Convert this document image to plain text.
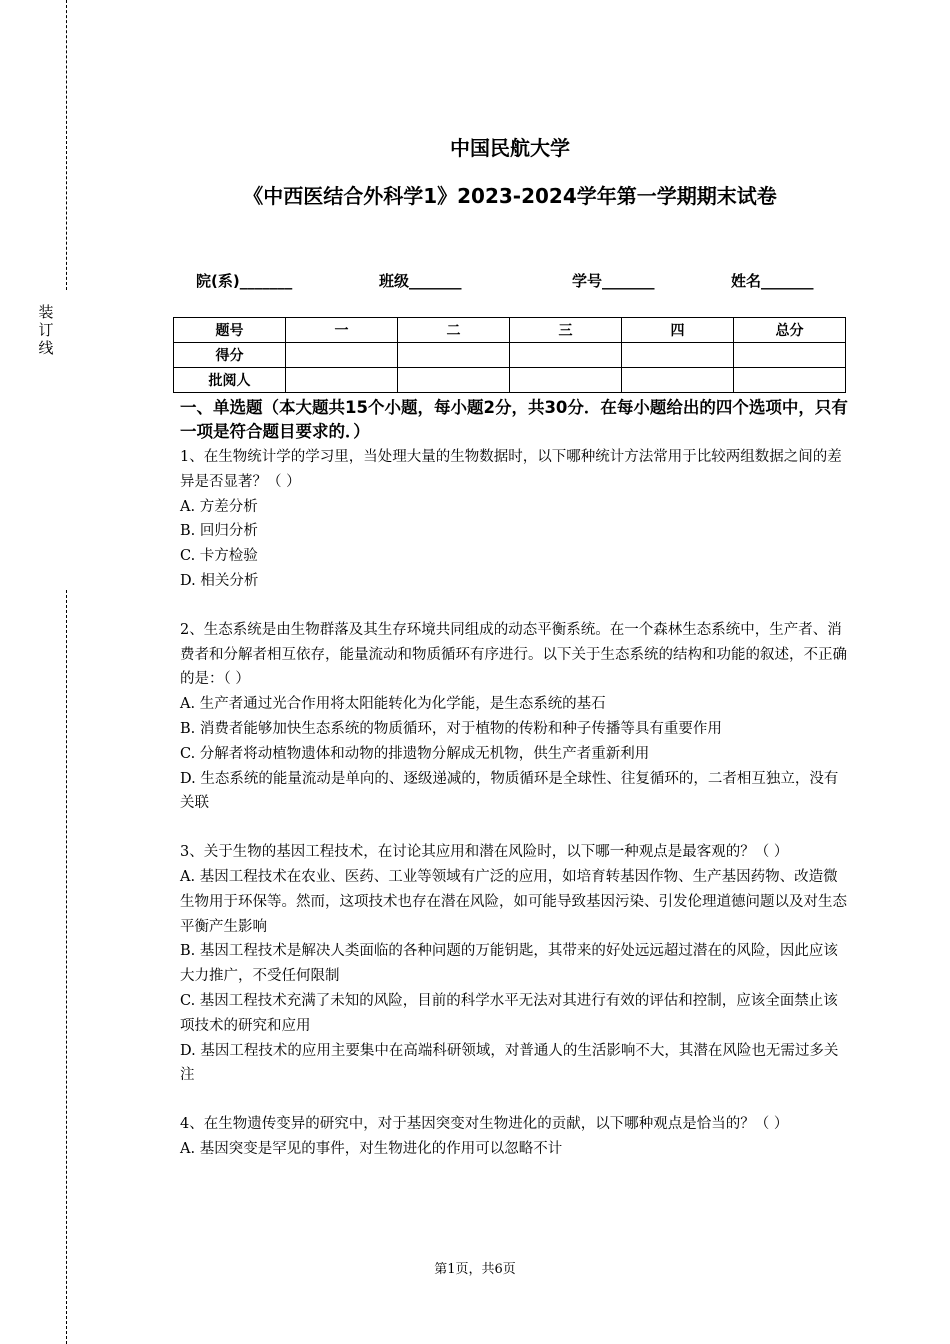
装订线
中国民航大学
《中西医结合外科学1》2023-2024学年第一学期期末试卷
院(系)_______	班级_______	学号_______	姓名_______
题号	一	二	三	四	总分
得分					
批阅人					
一、单选题（本大题共15个小题，每小题2分，共30分．在每小题给出的四个选项中，只有一项是符合题目要求的．）

1、在生物统计学的学习里，当处理大量的生物数据时，以下哪种统计方法常用于比较两组数据之间的差异是否显著？（ ）

A. 方差分析

B. 回归分析

C. 卡方检验

D. 相关分析

2、生态系统是由生物群落及其生存环境共同组成的动态平衡系统。在一个森林生态系统中，生产者、消费者和分解者相互依存，能量流动和物质循环有序进行。以下关于生态系统的结构和功能的叙述，不正确的是：（ ）

A. 生产者通过光合作用将太阳能转化为化学能，是生态系统的基石

B. 消费者能够加快生态系统的物质循环，对于植物的传粉和种子传播等具有重要作用

C. 分解者将动植物遗体和动物的排遗物分解成无机物，供生产者重新利用

D. 生态系统的能量流动是单向的、逐级递减的，物质循环是全球性、往复循环的，二者相互独立，没有关联

3、关于生物的基因工程技术，在讨论其应用和潜在风险时，以下哪一种观点是最客观的？（ ）

A. 基因工程技术在农业、医药、工业等领域有广泛的应用，如培育转基因作物、生产基因药物、改造微生物用于环保等。然而，这项技术也存在潜在风险，如可能导致基因污染、引发伦理道德问题以及对生态平衡产生影响

B. 基因工程技术是解决人类面临的各种问题的万能钥匙，其带来的好处远远超过潜在的风险，因此应该大力推广，不受任何限制

C. 基因工程技术充满了未知的风险，目前的科学水平无法对其进行有效的评估和控制，应该全面禁止该项技术的研究和应用

D. 基因工程技术的应用主要集中在高端科研领域，对普通人的生活影响不大，其潜在风险也无需过多关注

4、在生物遗传变异的研究中，对于基因突变对生物进化的贡献，以下哪种观点是恰当的？（ ）

A. 基因突变是罕见的事件，对生物进化的作用可以忽略不计

第1页，共6页
